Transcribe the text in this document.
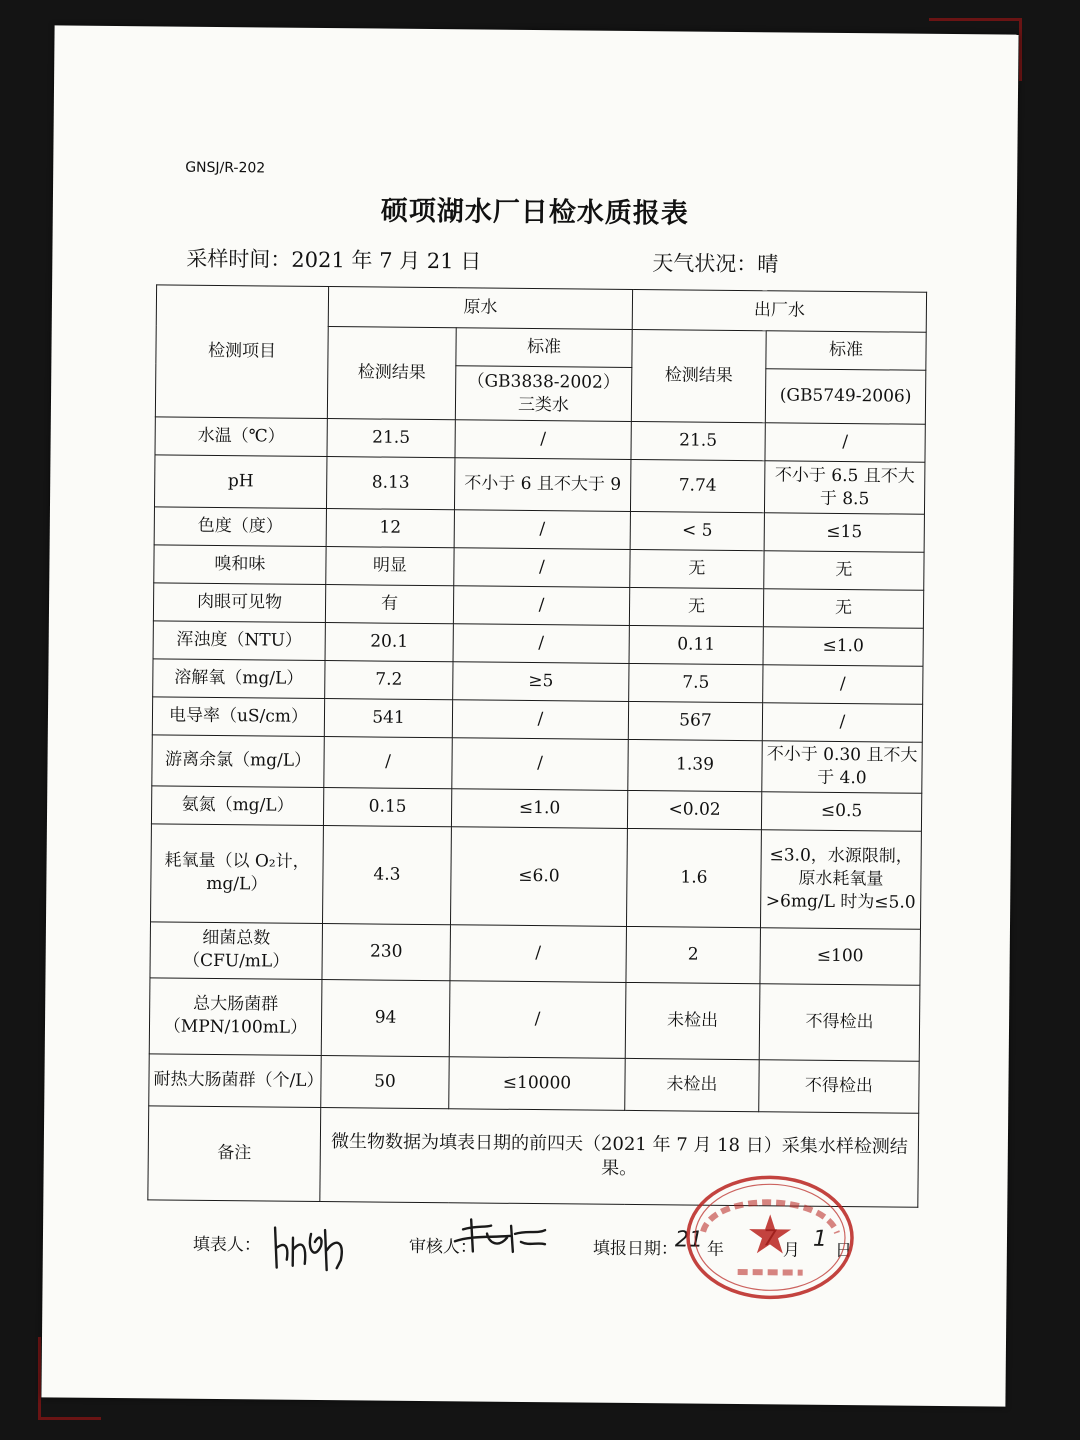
GNSJ/R-202
硕项湖水厂日检水质报表
采样时间：2021 年 7 月 21 日	天气状况：晴
检测项目	原水		出厂水	
	检测结果	标准	检测结果	标准
		（GB3838-2002）三类水		(GB5749-2006)
水温（℃）	21.5	/	21.5	/
pH	8.13	不小于 6 且不大于 9	7.74	不小于 6.5 且不大于 8.5
色度（度）	12	/	< 5	≤15
嗅和味	明显	/	无	无
肉眼可见物	有	/	无	无
浑浊度（NTU）	20.1	/	0.11	≤1.0
溶解氧（mg/L）	7.2	≥5	7.5	/
电导率（uS/cm）	541	/	567	/
游离余氯（mg/L）	/	/	1.39	不小于 0.30 且不大于 4.0
氨氮（mg/L）	0.15	≤1.0	<0.02	≤0.5
耗氧量（以 O₂计，mg/L）	4.3	≤6.0	1.6	≤3.0，水源限制，原水耗氧量>6mg/L 时为≤5.0
细菌总数（CFU/mL）	230	/	2	≤100
总大肠菌群（MPN/100mL）	94	/	未检出	不得检出
耐热大肠菌群（个/L）	50	≤10000	未检出	不得检出
备注	微生物数据为填表日期的前四天（2021 年 7 月 18 日）采集水样检测结果。			
填表人：	审核人：	填报日期：
21 年	月 1 日
